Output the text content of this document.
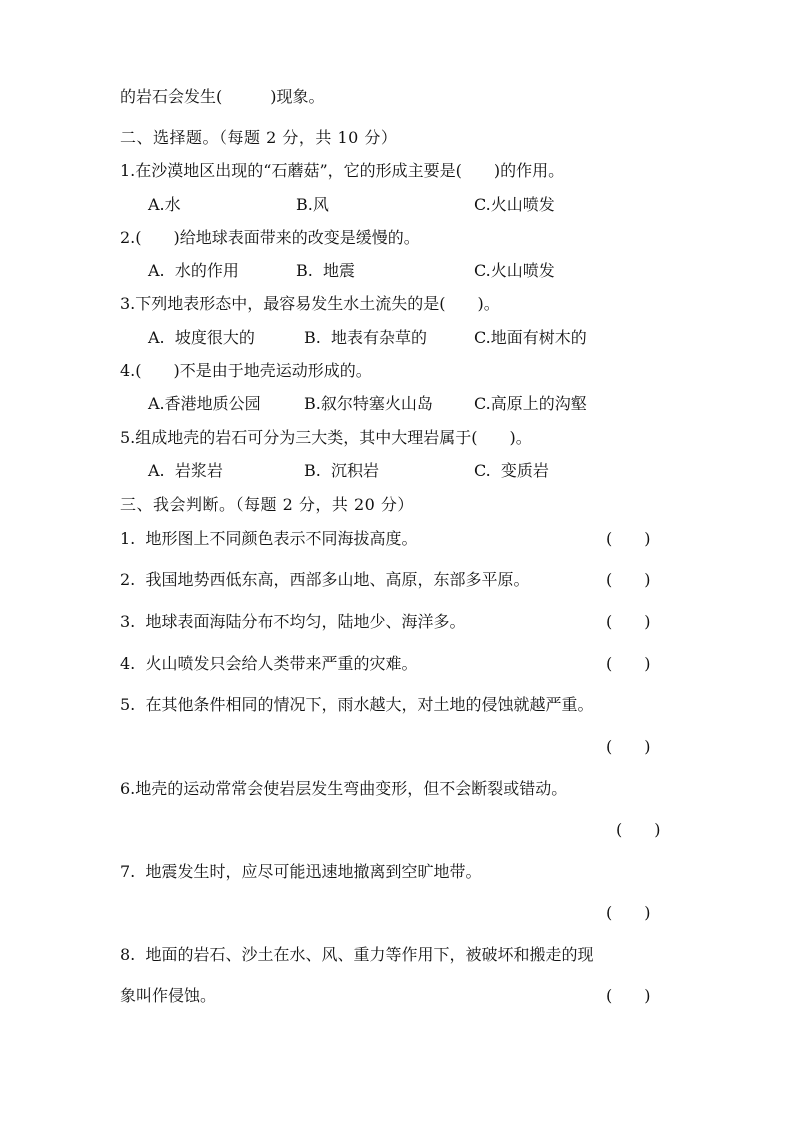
的岩石会发生(　　　)现象。
二、选择题。（每题 2 分，共 10 分）
1.在沙漠地区出现的“石蘑菇”，它的形成主要是(　　)的作用。
A.水	B.风	C.火山喷发
2.(　　)给地球表面带来的改变是缓慢的。
A.  水的作用	B.  地震	C.火山喷发
3.下列地表形态中，最容易发生水土流失的是(　　)。
A.  坡度很大的	B.  地表有杂草的	C.地面有树木的
4.(　　)不是由于地壳运动形成的。
A.香港地质公园	B.叙尔特塞火山岛	C.高原上的沟壑
5.组成地壳的岩石可分为三大类，其中大理岩属于(　　)。
A.  岩浆岩	B.  沉积岩	C.  变质岩
三、我会判断。（每题 2 分，共 20 分）
1.  地形图上不同颜色表示不同海拔高度。	(　　)
2.  我国地势西低东高，西部多山地、高原，东部多平原。	(　　)
3.  地球表面海陆分布不均匀，陆地少、海洋多。	(　　)
4.  火山喷发只会给人类带来严重的灾难。	(　　)
5.  在其他条件相同的情况下，雨水越大，对土地的侵蚀就越严重。
(　　)
6.地壳的运动常常会使岩层发生弯曲变形，但不会断裂或错动。
(　　)
7.  地震发生时，应尽可能迅速地撤离到空旷地带。
(　　)
8.  地面的岩石、沙土在水、风、重力等作用下，被破坏和搬走的现
象叫作侵蚀。	(　　)
